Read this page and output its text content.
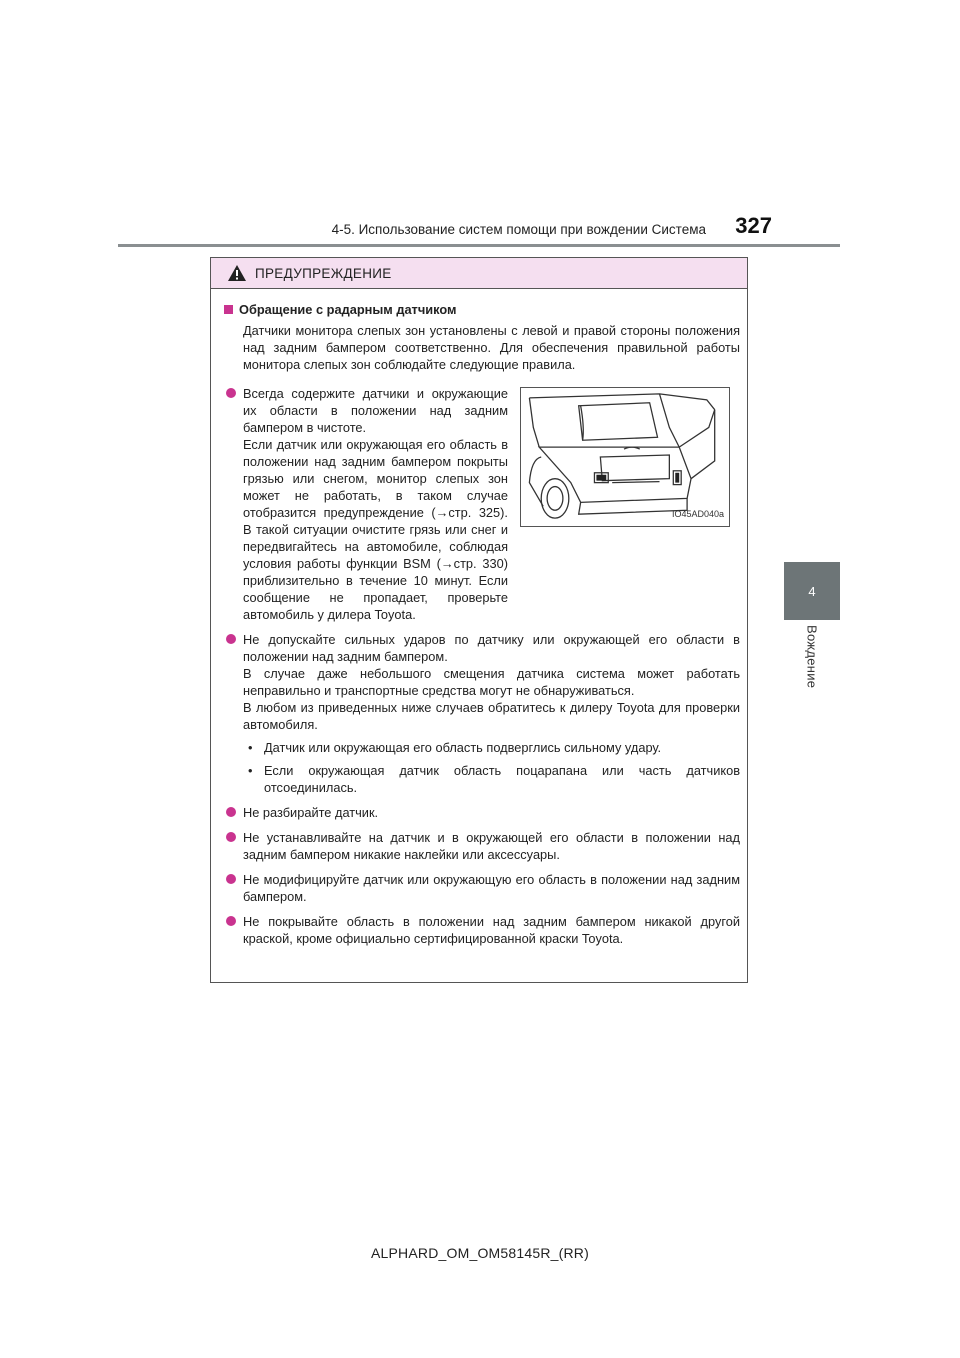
4-5. Использование систем помощи при вождении Система	327
4
Вождение
ПРЕДУПРЕЖДЕНИЕ
Обращение с радарным датчиком
Датчики монитора слепых зон установлены с левой и правой стороны положения над задним бампером соответственно. Для обеспечения правильной работы монитора слепых зон соблюдайте следующие правила.

Всегда содержите датчики и окружающие их области в положении над задним бампером в чистоте.

Если датчик или окружающая его область в положении над задним бампером покрыты грязью или снегом, монитор слепых зон может не работать, в таком случае отобразится предупреждение (→стр. 325). В такой ситуации очистите грязь или снег и передвигайтесь на автомобиле, соблюдая условия работы функции BSM (→стр. 330) приблизительно в течение 10 минут. Если сообщение не пропадает, проверьте автомобиль у дилера Toyota.

IO45AD040a

Не допускайте сильных ударов по датчику или окружающей его области в положении над задним бампером.

В случае даже небольшого смещения датчика система может работать неправильно и транспортные средства могут не обнаруживаться.

В любом из приведенных ниже случаев обратитесь к дилеру Toyota для проверки автомобиля.

• Датчик или окружающая его область подверглись сильному удару.
• Если окружающая датчик область поцарапана или часть датчиков отсоединилась.

Не разбирайте датчик.

Не устанавливайте на датчик и в окружающей его области в положении над задним бампером никакие наклейки или аксессуары.

Не модифицируйте датчик или окружающую его область в положении над задним бампером.

Не покрывайте область в положении над задним бампером никакой другой краской, кроме официально сертифицированной краски Toyota.

ALPHARD_OM_OM58145R_(RR)
